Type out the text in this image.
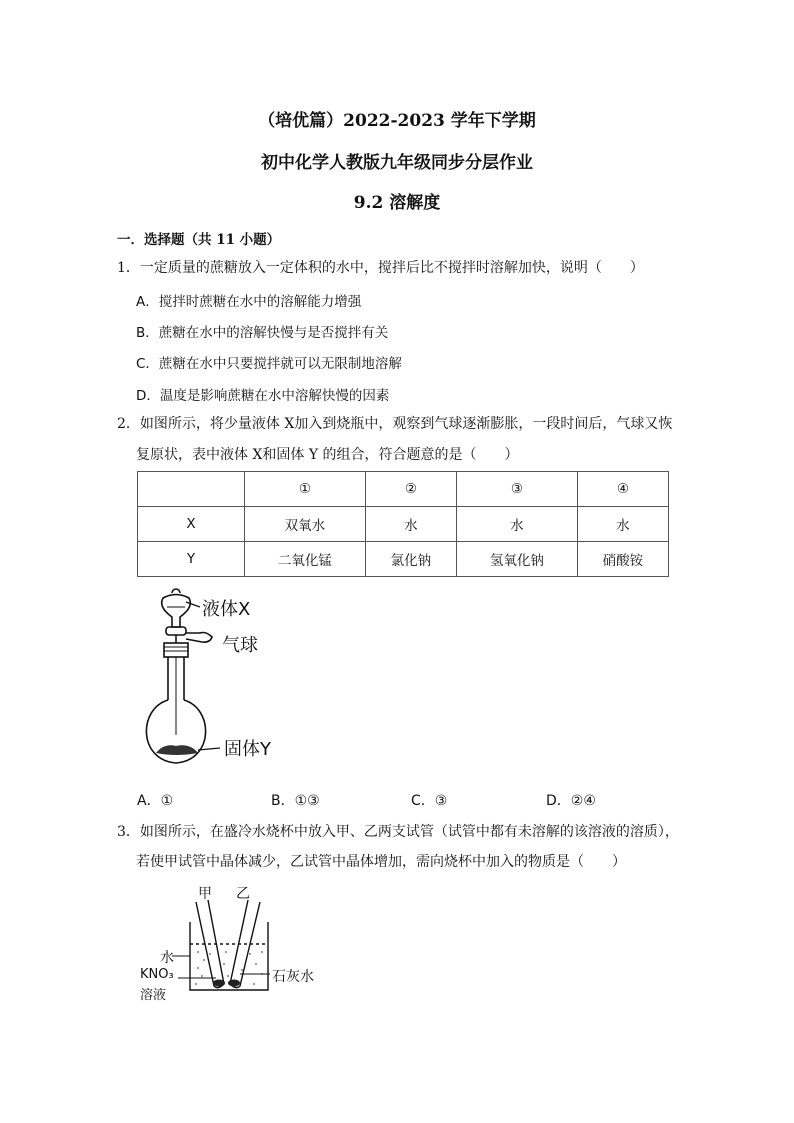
（培优篇）2022-2023 学年下学期
初中化学人教版九年级同步分层作业
9.2 溶解度
一．选择题（共 11 小题）
1．一定质量的蔗糖放入一定体积的水中，搅拌后比不搅拌时溶解加快，说明（　　）
A．搅拌时蔗糖在水中的溶解能力增强
B．蔗糖在水中的溶解快慢与是否搅拌有关
C．蔗糖在水中只要搅拌就可以无限制地溶解
D．温度是影响蔗糖在水中溶解快慢的因素
2．如图所示，将少量液体 X加入到烧瓶中，观察到气球逐渐膨胀，一段时间后，气球又恢
复原状，表中液体 X和固体 Y 的组合，符合题意的是（　　）
	①	②	③	④
X	双氧水	水	水	水
Y	二氧化锰	氯化钠	氢氧化钠	硝酸铵
液体X
气球
固体Y
A．①	B．①③	C．③	D．②④
3．如图所示，在盛冷水烧杯中放入甲、乙两支试管（试管中都有未溶解的该溶液的溶质），
若使甲试管中晶体减少，乙试管中晶体增加，需向烧杯中加入的物质是（　　）
甲 乙
水
KNO₃
溶液
石灰水
